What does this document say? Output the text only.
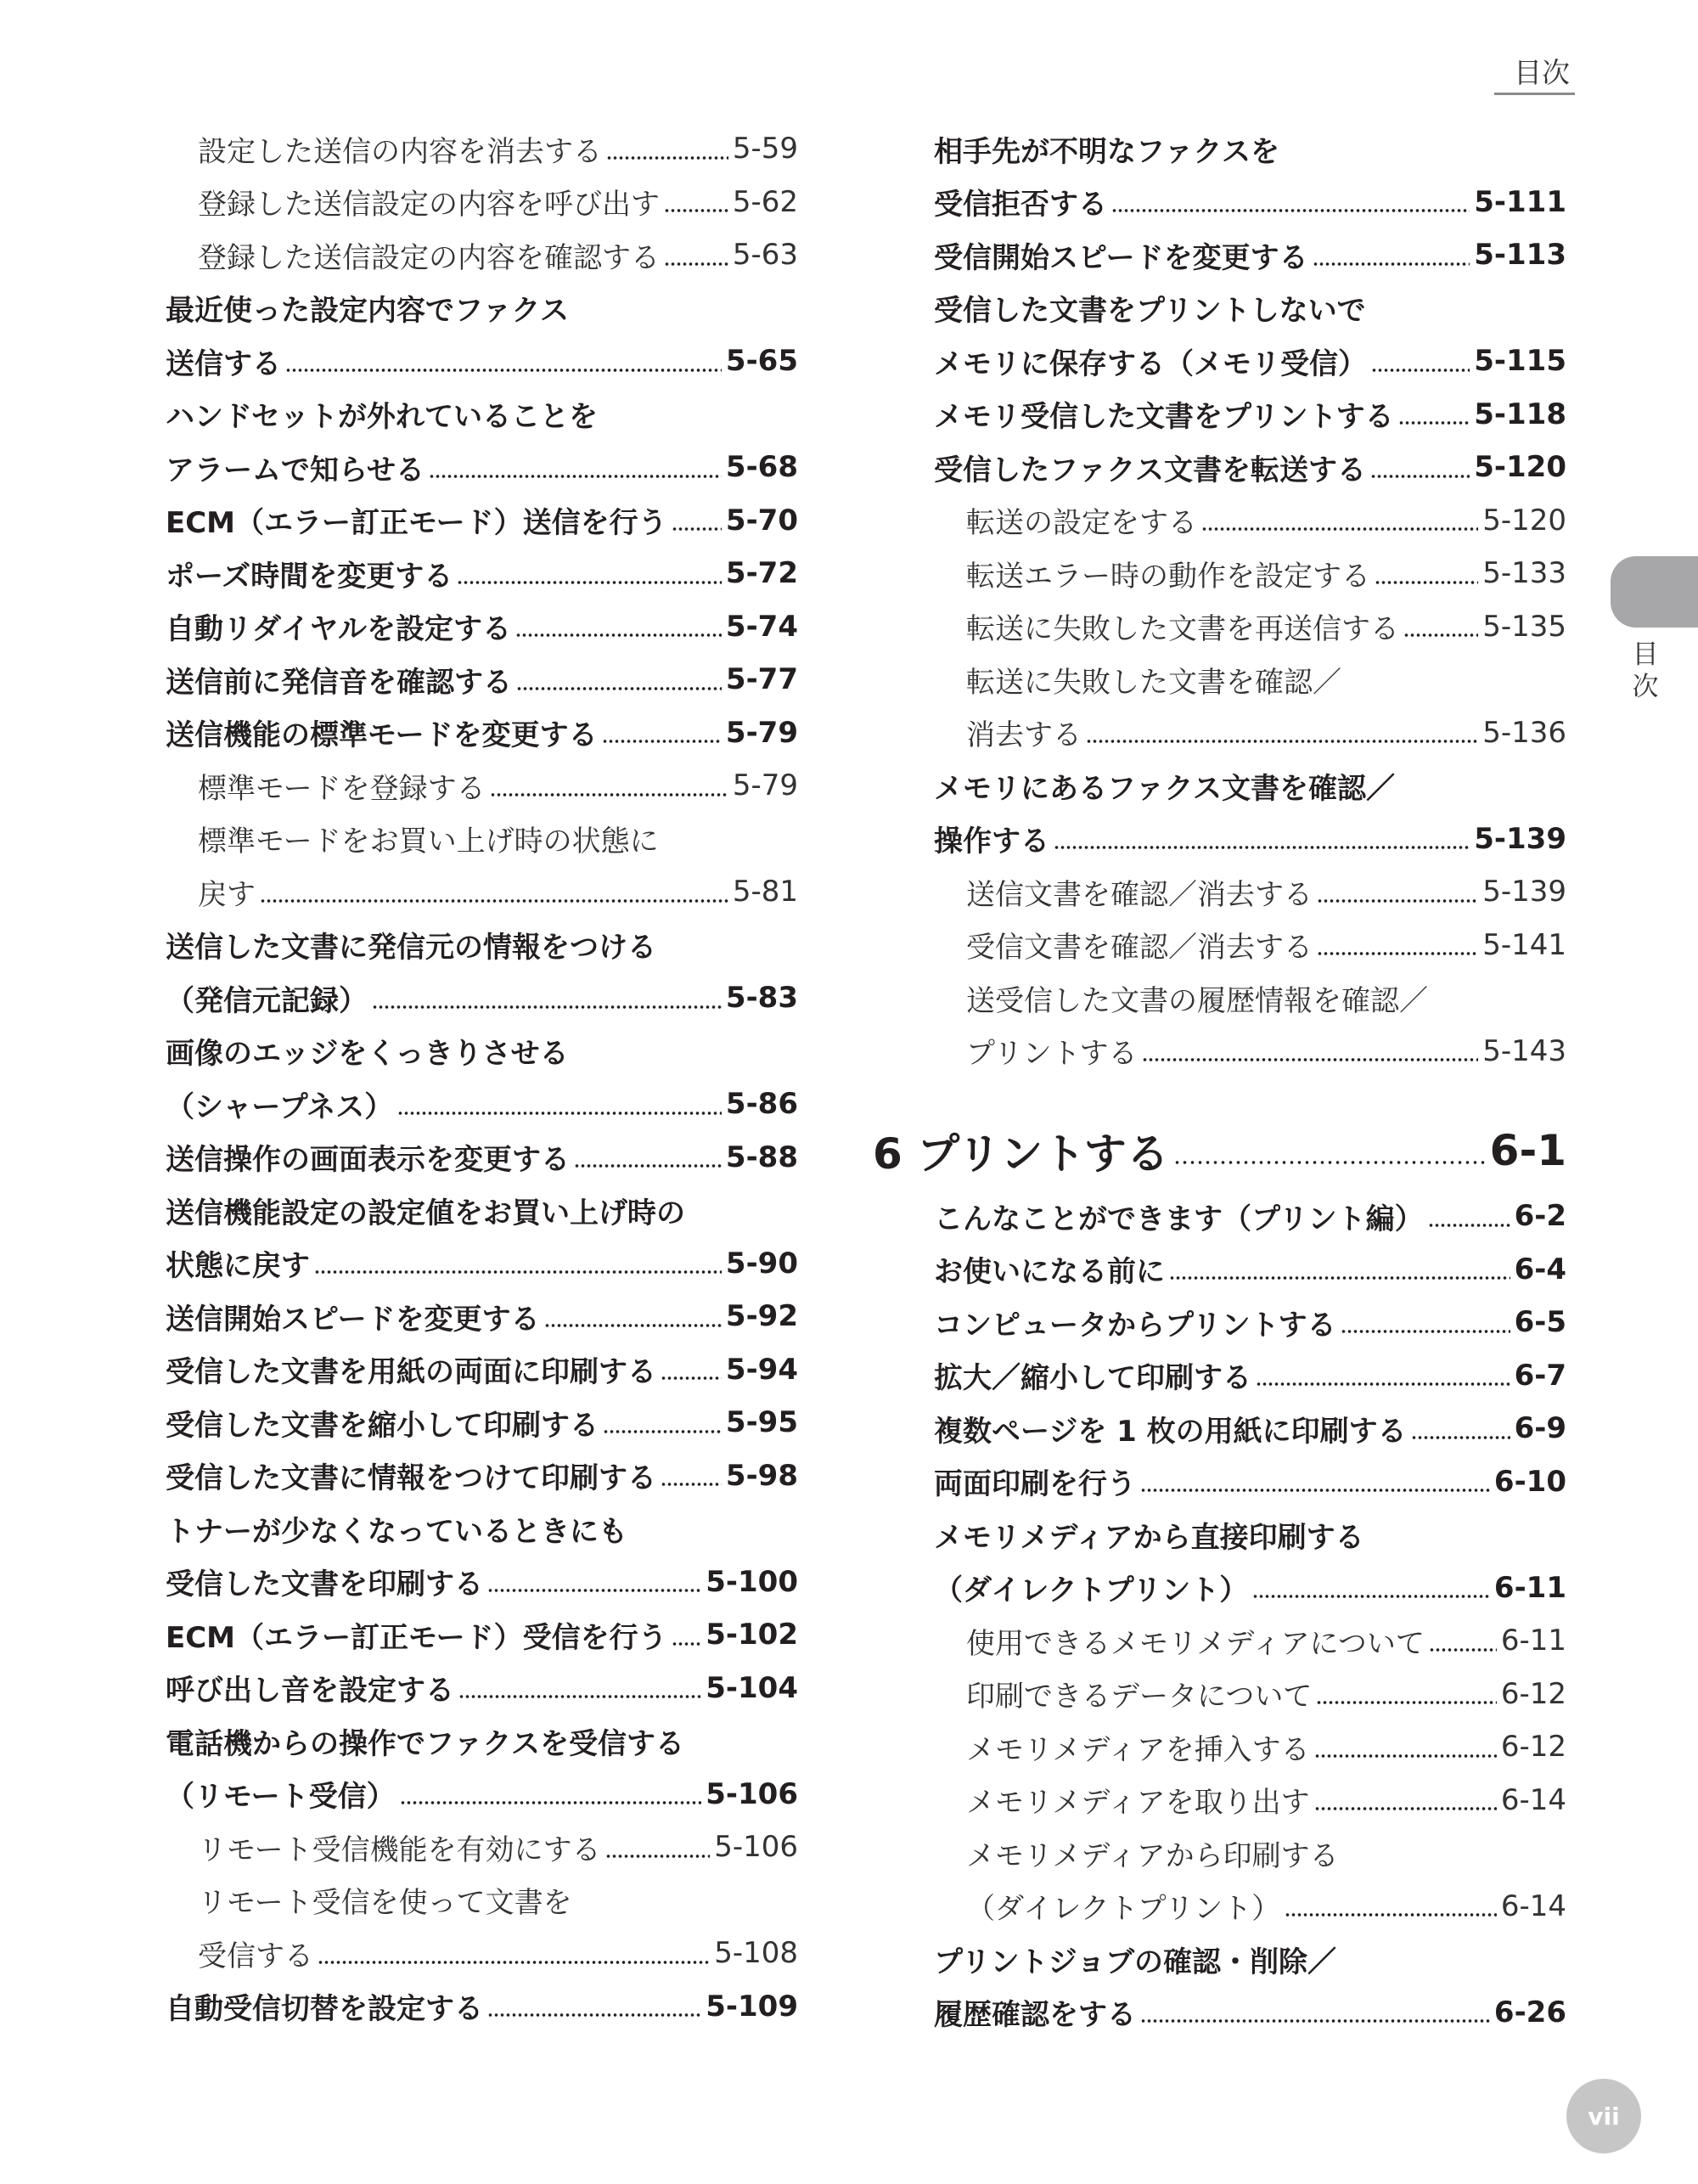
目次
目次
設定した送信の内容を消去する	5-59
登録した送信設定の内容を呼び出す	5-62
登録した送信設定の内容を確認する	5-63
最近使った設定内容でファクス
送信する	5-65
ハンドセットが外れていることを
アラームで知らせる	5-68
ECM（エラー訂正モード）送信を行う 5-70
ポーズ時間を変更する	5-72
自動リダイヤルを設定する	5-74
送信前に発信音を確認する	5-77
送信機能の標準モードを変更する	5-79
標準モードを登録する	5-79
標準モードをお買い上げ時の状態に
戻す	5-81
送信した文書に発信元の情報をつける
（発信元記録）	5-83
画像のエッジをくっきりさせる
（シャープネス）	5-86
送信操作の画面表示を変更する	5-88
送信機能設定の設定値をお買い上げ時の
状態に戻す	5-90
送信開始スピードを変更する	5-92
受信した文書を用紙の両面に印刷する 5-94
受信した文書を縮小して印刷する	5-95
受信した文書に情報をつけて印刷する 5-98
トナーが少なくなっているときにも
受信した文書を印刷する	5-100
ECM（エラー訂正モード）受信を行う 5-102
呼び出し音を設定する	5-104
電話機からの操作でファクスを受信する
（リモート受信）	5-106
リモート受信機能を有効にする	5-106
リモート受信を使って文書を
受信する	5-108
自動受信切替を設定する	5-109
相手先が不明なファクスを
受信拒否する	5-111
受信開始スピードを変更する	5-113
受信した文書をプリントしないで
メモリに保存する（メモリ受信）	5-115
メモリ受信した文書をプリントする	5-118
受信したファクス文書を転送する	5-120
転送の設定をする	5-120
転送エラー時の動作を設定する	5-133
転送に失敗した文書を再送信する	5-135
転送に失敗した文書を確認／
消去する	5-136
メモリにあるファクス文書を確認／
操作する	5-139
送信文書を確認／消去する	5-139
受信文書を確認／消去する	5-141
送受信した文書の履歴情報を確認／
プリントする	5-143
6 プリントする	6-1
こんなことができます（プリント編）	6-2
お使いになる前に	6-4
コンピュータからプリントする	6-5
拡大／縮小して印刷する	6-7
複数ページを 1 枚の用紙に印刷する	6-9
両面印刷を行う	6-10
メモリメディアから直接印刷する
（ダイレクトプリント）	6-11
使用できるメモリメディアについて	6-11
印刷できるデータについて	6-12
メモリメディアを挿入する	6-12
メモリメディアを取り出す	6-14
メモリメディアから印刷する
（ダイレクトプリント）	6-14
プリントジョブの確認・削除／
履歴確認をする	6-26
vii
